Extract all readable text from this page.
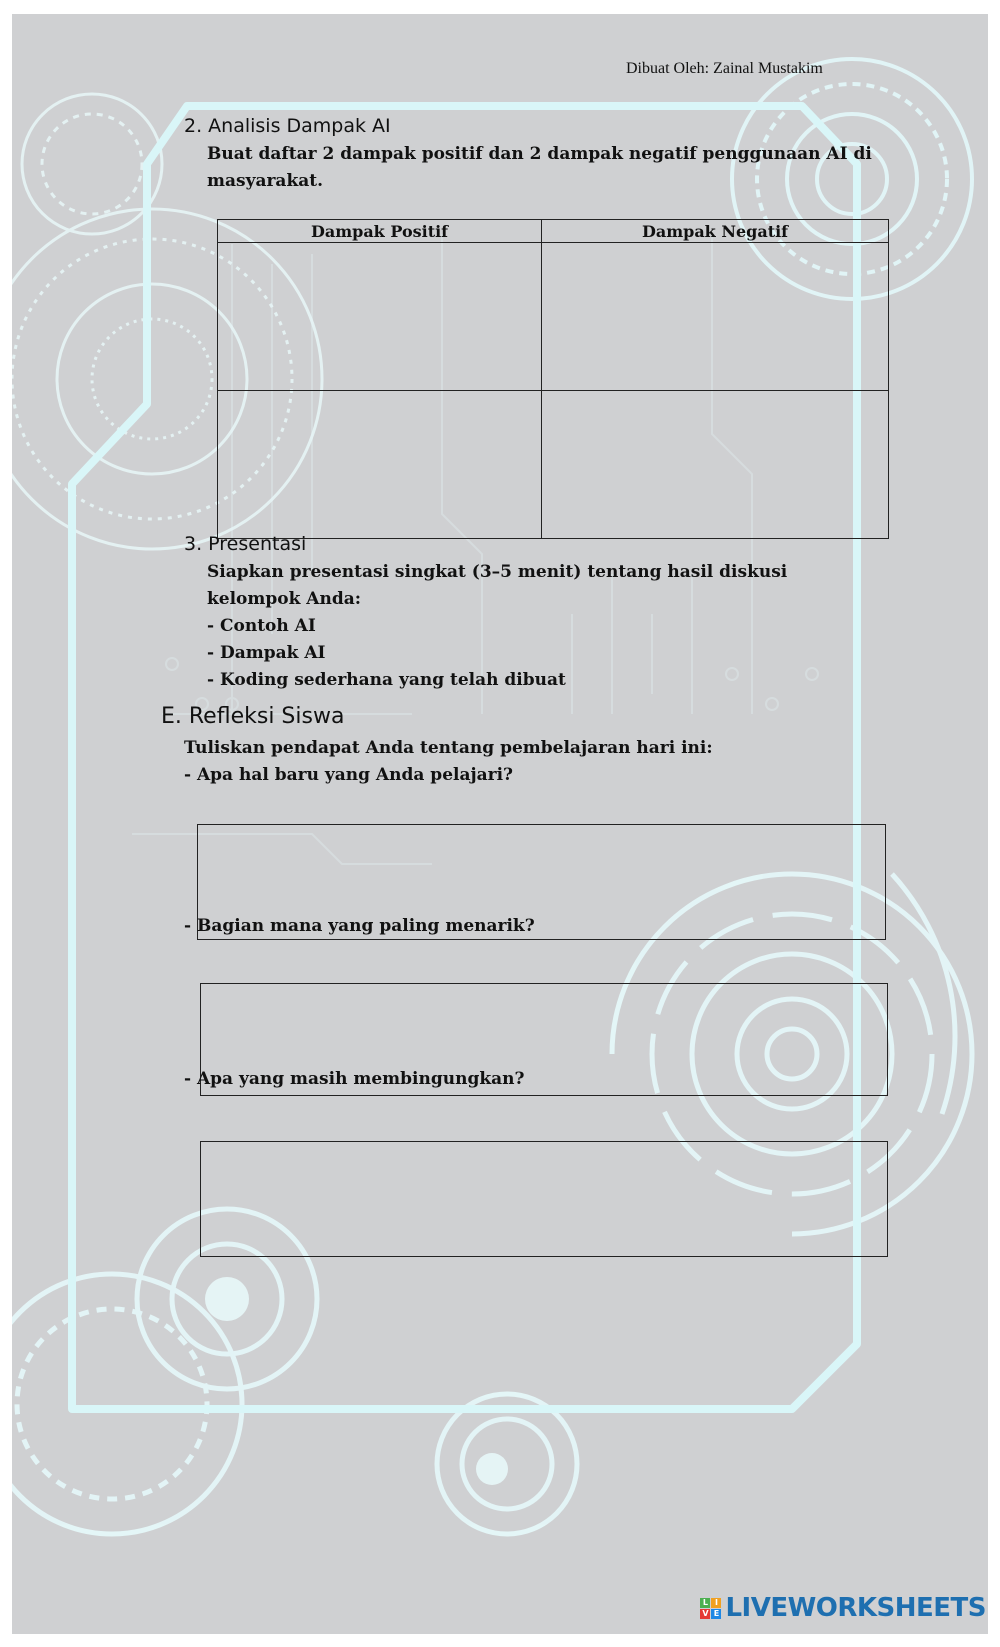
Dibuat Oleh: Zainal Mustakim
2. Analisis Dampak AI
Buat daftar 2 dampak positif dan 2 dampak negatif penggunaan AI di
masyarakat.
Dampak Positif	Dampak Negatif

3. Presentasi
Siapkan presentasi singkat (3–5 menit) tentang hasil diskusi
kelompok Anda:
- Contoh AI
- Dampak AI
- Koding sederhana yang telah dibuat
E. Refleksi Siswa
Tuliskan pendapat Anda tentang pembelajaran hari ini:
- Apa hal baru yang Anda pelajari?
- Bagian mana yang paling menarik?
- Apa yang masih membingungkan?
L I
V E LIVEWORKSHEETS
